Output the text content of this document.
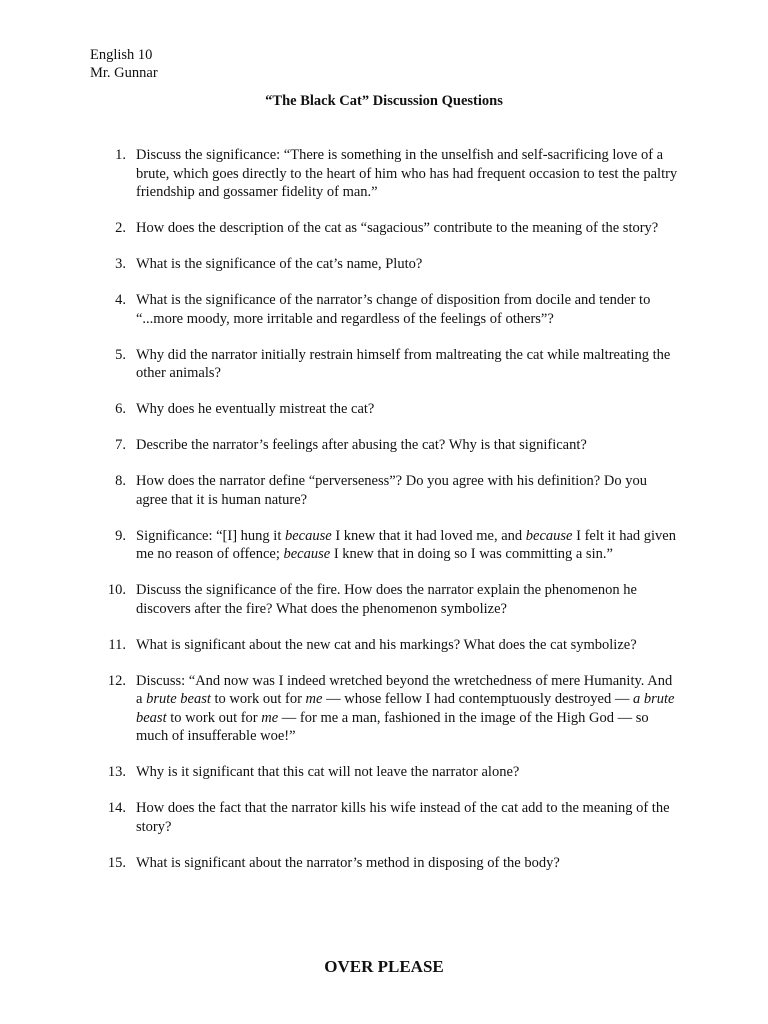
English 10
Mr. Gunnar
“The Black Cat” Discussion Questions
1. Discuss the significance: “There is something in the unselfish and self-sacrificing love of a brute, which goes directly to the heart of him who has had frequent occasion to test the paltry friendship and gossamer fidelity of man.”
2. How does the description of the cat as “sagacious” contribute to the meaning of the story?
3. What is the significance of the cat’s name, Pluto?
4. What is the significance of the narrator’s change of disposition from docile and tender to “...more moody, more irritable and regardless of the feelings of others”?
5. Why did the narrator initially restrain himself from maltreating the cat while maltreating the other animals?
6. Why does he eventually mistreat the cat?
7. Describe the narrator’s feelings after abusing the cat? Why is that significant?
8. How does the narrator define “perverseness”? Do you agree with his definition? Do you agree that it is human nature?
9. Significance: “[I] hung it because I knew that it had loved me, and because I felt it had given me no reason of offence; because I knew that in doing so I was committing a sin.”
10. Discuss the significance of the fire. How does the narrator explain the phenomenon he discovers after the fire? What does the phenomenon symbolize?
11. What is significant about the new cat and his markings? What does the cat symbolize?
12. Discuss: “And now was I indeed wretched beyond the wretchedness of mere Humanity. And a brute beast to work out for me — whose fellow I had contemptuously destroyed — a brute beast to work out for me — for me a man, fashioned in the image of the High God — so much of insufferable woe!”
13. Why is it significant that this cat will not leave the narrator alone?
14. How does the fact that the narrator kills his wife instead of the cat add to the meaning of the story?
15. What is significant about the narrator’s method in disposing of the body?
OVER PLEASE
